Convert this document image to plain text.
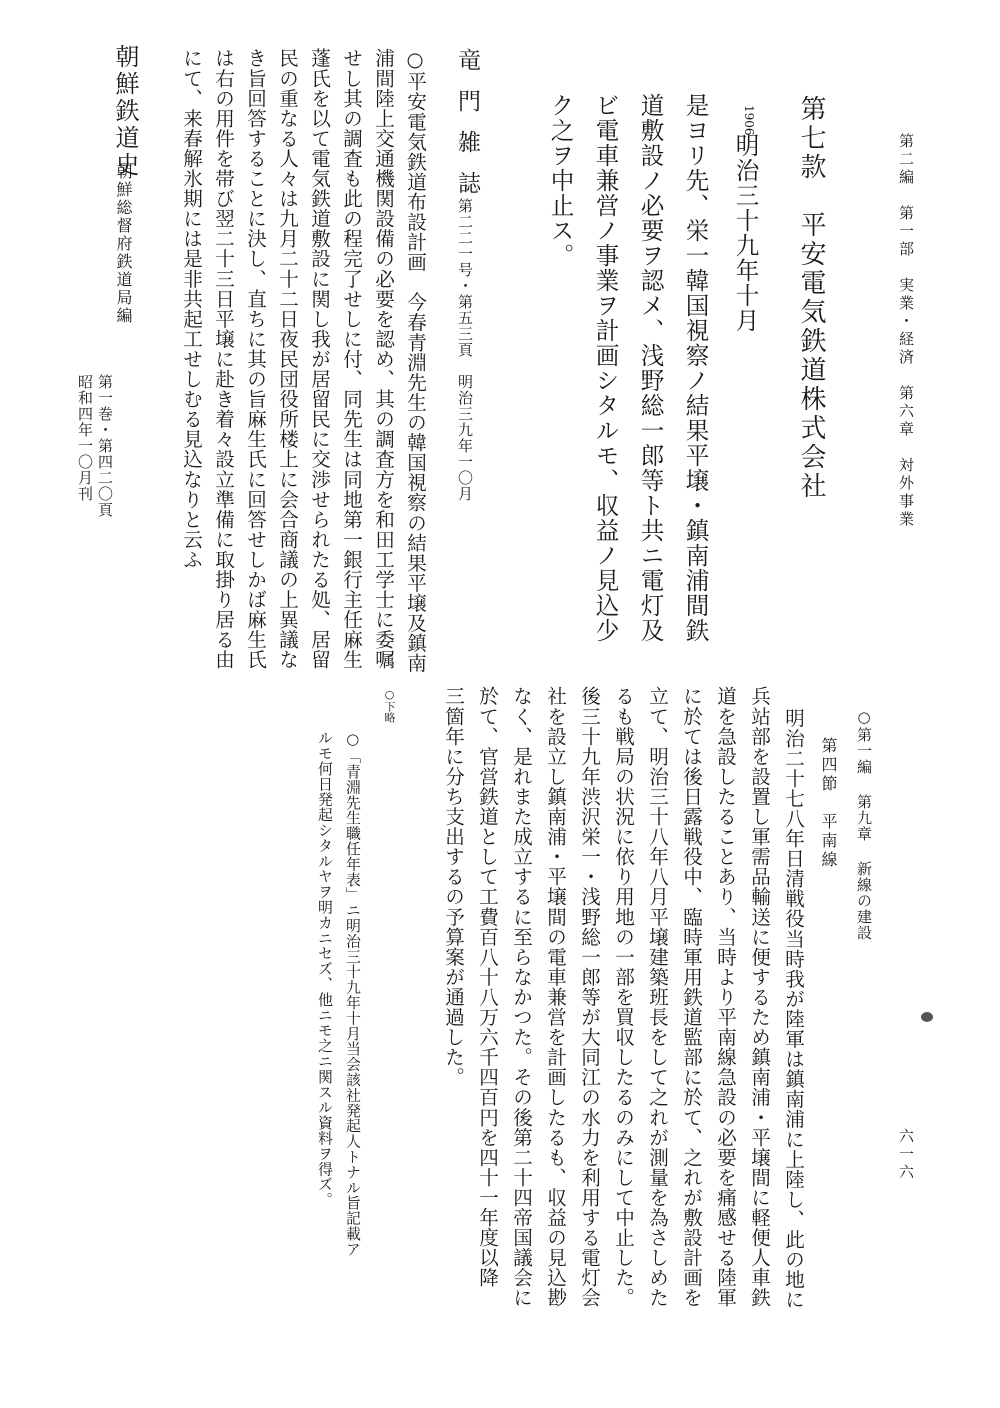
第二編　第一部　実業・経済　第六章　対外事業
六一六
第七款　平安電気鉄道株式会社
1906
明治三十九年十月
是ヨリ先、栄一韓国視察ノ結果平壌・鎮南浦間鉄
道敷設ノ必要ヲ認メ、浅野総一郎等ト共ニ電灯及
ビ電車兼営ノ事業ヲ計画シタルモ、収益ノ見込少
ク之ヲ中止ス。
竜門雑誌
第二二一号・第五三頁　明治三九年一〇月
○平安電気鉄道布設計画　今春青淵先生の韓国視察の結果平壌及鎮南
浦間陸上交通機関設備の必要を認め、其の調査方を和田工学士に委嘱
せし其の調査も此の程完了せしに付、同先生は同地第一銀行主任麻生
蓬氏を以て電気鉄道敷設に関し我が居留民に交渉せられたる処、居留
民の重なる人々は九月二十二日夜民団役所楼上に会合商議の上異議な
き旨回答することに決し、直ちに其の旨麻生氏に回答せしかば麻生氏
は右の用件を帯び翌二十三日平壌に赴き着々設立準備に取掛り居る由
にて、来春解氷期には是非共起工せしむる見込なりと云ふ
朝鮮鉄道史
朝鮮総督府鉄道局編
第一巻・第四二〇頁
昭和四年一〇月刊
○第一編 第九章 新線の建設
第四節　平南線
明治二十七八年日清戦役当時我が陸軍は鎮南浦に上陸し、此の地に
兵站部を設置し軍需品輸送に便するため鎮南浦・平壌間に軽便人車鉄
道を急設したることあり、当時より平南線急設の必要を痛感せる陸軍
に於ては後日露戦役中、臨時軍用鉄道監部に於て、之れが敷設計画を
立て、明治三十八年八月平壌建築班長をして之れが測量を為さしめた
るも戦局の状況に依り用地の一部を買収したるのみにして中止した。
後三十九年渋沢栄一・浅野総一郎等が大同江の水力を利用する電灯会
社を設立し鎮南浦・平壌間の電車兼営を計画したるも、収益の見込尠
なく、是れまた成立するに至らなかつた。その後第二十四帝国議会に
於て、官営鉄道として工費百八十八万六千四百円を四十一年度以降
三箇年に分ち支出するの予算案が通過した。
○下略
○「青淵先生職任年表」ニ明治三十九年十月当会該社発起人トナル旨記載ア
ルモ何日発起シタルヤヲ明カニセズ、他ニモ之ニ関スル資料ヲ得ズ。
